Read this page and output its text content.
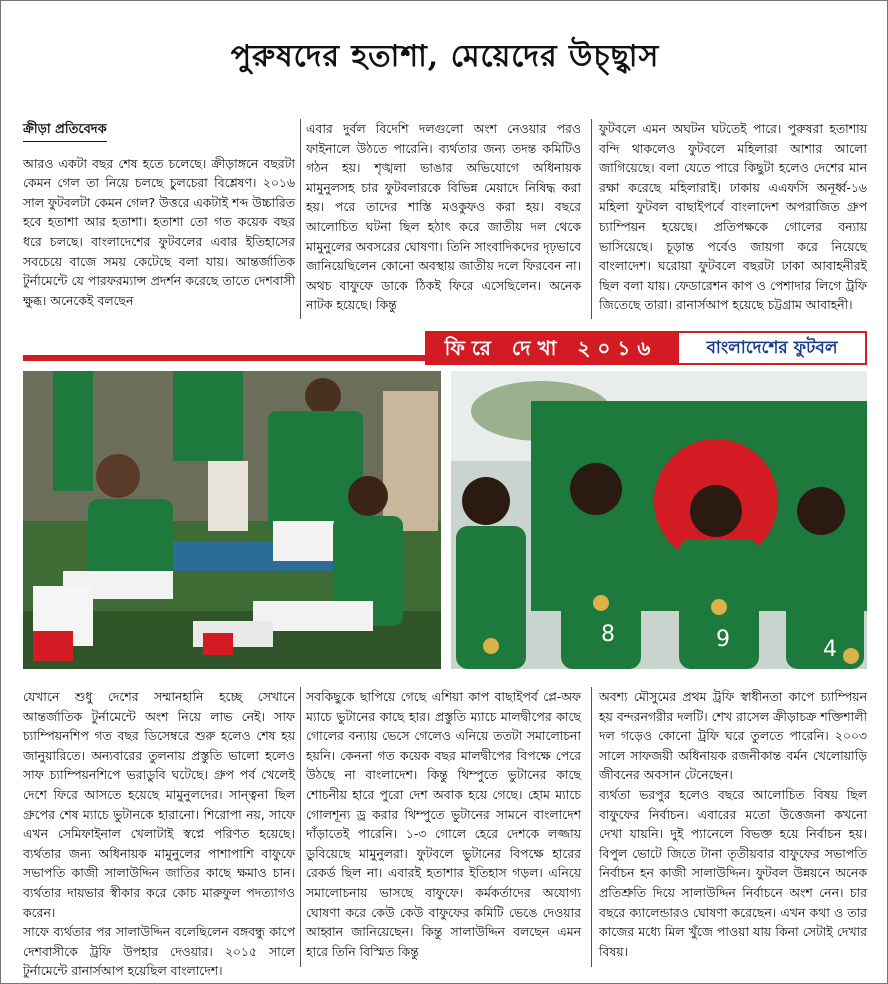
পুরুষদের হতাশা, মেয়েদের উচ্ছ্বাস
ক্রীড়া প্রতিবেদক

আরও একটা বছর শেষ হতে চলেছে। ক্রীড়াঙ্গনে বছরটা কেমন গেল তা নিয়ে চলছে চুলচেরা বিশ্লেষণ। ২০১৬ সাল ফুটবলটা কেমন গেল? উত্তরে একটাই শব্দ উচ্চারিত হবে হতাশা আর হতাশা। হতাশা তো গত কয়েক বছর ধরে চলছে। বাংলাদেশের ফুটবলের এবার ইতিহাসের সবচেয়ে বাজে সময় কেটেছে বলা যায়। আন্তর্জাতিক টুর্নামেন্টে যে পারফরম্যান্স প্রদর্শন করেছে তাতে দেশবাসী ক্ষুব্ধ। অনেকেই বলছেন

এবার দুর্বল বিদেশি দলগুলো অংশ নেওয়ার পরও ফাইনালে উঠতে পারেনি। ব্যর্থতার জন্য তদন্ত কমিটিও গঠন হয়। শৃঙ্খলা ভাঙার অভিযোগে অধিনায়ক মামুনুলসহ চার ফুটবলারকে বিভিন্ন মেয়াদে নিষিদ্ধ করা হয়। পরে তাদের শাস্তি মওকুফও করা হয়। বছরে আলোচিত ঘটনা ছিল হঠাৎ করে জাতীয় দল থেকে মামুনুলের অবসরের ঘোষণা। তিনি সাংবাদিকদের দৃঢ়ভাবে জানিয়েছিলেন কোনো অবস্থায় জাতীয় দলে ফিরবেন না। অথচ বাফুফে ডাকে ঠিকই ফিরে এসেছিলেন। অনেক নাটক হয়েছে। কিন্তু

ফুটবলে এমন অঘটন ঘটতেই পারে। পুরুষরা হতাশায় বন্দি থাকলেও ফুটবলে মহিলারা আশার আলো জাগিয়েছে। বলা যেতে পারে কিছুটা হলেও দেশের মান রক্ষা করেছে মহিলারাই। ঢাকায় এএফসি অনূর্ধ্ব-১৬ মহিলা ফুটবল বাছাইপর্বে বাংলাদেশ অপরাজিত গ্রুপ চ্যাম্পিয়ন হয়েছে। প্রতিপক্ষকে গোলের বন্যায় ভাসিয়েছে। চূড়ান্ত পর্বেও জায়গা করে নিয়েছে বাংলাদেশ। ঘরোয়া ফুটবলে বছরটা ঢাকা আবাহনীরই ছিল বলা যায়। ফেডারেশন কাপ ও পেশাদার লিগে ট্রফি জিতেছে তারা। রানার্সআপ হয়েছে চট্টগ্রাম আবাহনী।

ফিরে দেখা ২০১৬	বাংলাদেশের ফুটবল
8	9	4

যেখানে শুধু দেশের সম্মানহানি হচ্ছে সেখানে আন্তর্জাতিক টুর্নামেন্টে অংশ নিয়ে লাভ নেই। সাফ চ্যাম্পিয়নশিপ গত বছর ডিসেম্বরে শুরু হলেও শেষ হয় জানুয়ারিতে। অন্যবারের তুলনায় প্রস্তুতি ভালো হলেও সাফ চ্যাম্পিয়নশিপে ভরাডুবি ঘটেছে। গ্রুপ পর্ব খেলেই দেশে ফিরে আসতে হয়েছে মামুনুলদের। সান্ত্বনা ছিল গ্রুপের শেষ ম্যাচে ভুটানকে হারানো। শিরোপা নয়, সাফে এখন সেমিফাইনাল খেলাটাই স্বপ্নে পরিণত হয়েছে। ব্যর্থতার জন্য অধিনায়ক মামুনুলের পাশাপাশি বাফুফে সভাপতি কাজী সালাউদ্দিন জাতির কাছে ক্ষমাও চান। ব্যর্থতার দায়ভার স্বীকার করে কোচ মারুফুল পদত্যাগও করেন।

সাফে ব্যর্থতার পর সালাউদ্দিন বলেছিলেন বঙ্গবন্ধু কাপে দেশবাসীকে ট্রফি উপহার দেওয়ার। ২০১৫ সালে টুর্নামেন্টে রানার্সআপ হয়েছিল বাংলাদেশ।

সবকিছুকে ছাপিয়ে গেছে এশিয়া কাপ বাছাইপর্ব প্লে-অফ ম্যাচে ভুটানের কাছে হার। প্রস্তুতি ম্যাচে মালদ্বীপের কাছে গোলের বন্যায় ভেসে গেলেও এনিয়ে ততটা সমালোচনা হয়নি। কেননা গত কয়েক বছর মালদ্বীপের বিপক্ষে পেরে উঠছে না বাংলাদেশ। কিন্তু থিম্পুতে ভুটানের কাছে শোচনীয় হারে পুরো দেশ অবাক হয়ে গেছে। হোম ম্যাচে গোলশূন্য ড্র করার থিম্পুতে ভুটানের সামনে বাংলাদেশ দাঁড়াতেই পারেনি। ১-৩ গোলে হেরে দেশকে লজ্জায় ডুবিয়েছে মামুনুলরা। ফুটবলে ভুটানের বিপক্ষে হারের রেকর্ড ছিল না। এবারই হতাশার ইতিহাস গড়ল। এনিয়ে সমালোচনায় ভাসছে বাফুফে। কর্মকর্তাদের অযোগ্য ঘোষণা করে কেউ কেউ বাফুফের কমিটি ভেঙে দেওয়ার আহ্বান জানিয়েছেন। কিন্তু সালাউদ্দিন বলছেন এমন হারে তিনি বিস্মিত কিন্তু

অবশ্য মৌসুমের প্রথম ট্রফি স্বাধীনতা কাপে চ্যাম্পিয়ন হয় বন্দরনগরীর দলটি। শেখ রাসেল ক্রীড়াচক্র শক্তিশালী দল গড়েও কোনো ট্রফি ঘরে তুলতে পারেনি। ২০০৩ সালে সাফজয়ী অধিনায়ক রজনীকান্ত বর্মন খেলোয়াড়ি জীবনের অবসান টেনেছেন।

ব্যর্থতা ভরপুর হলেও বছরে আলোচিত বিষয় ছিল বাফুফের নির্বাচন। এবারের মতো উত্তেজনা কখনো দেখা যায়নি। দুই প্যানেলে বিভক্ত হয়ে নির্বাচন হয়। বিপুল ভোটে জিতে টানা তৃতীয়বার বাফুফের সভাপতি নির্বাচন হন কাজী সালাউদ্দিন। ফুটবল উন্নয়নে অনেক প্রতিশ্রুতি দিয়ে সালাউদ্দিন নির্বাচনে অংশ নেন। চার বছরে ক্যালেন্ডারও ঘোষণা করেছেন। এখন কথা ও তার কাজের মধ্যে মিল খুঁজে পাওয়া যায় কিনা সেটাই দেখার বিষয়।
